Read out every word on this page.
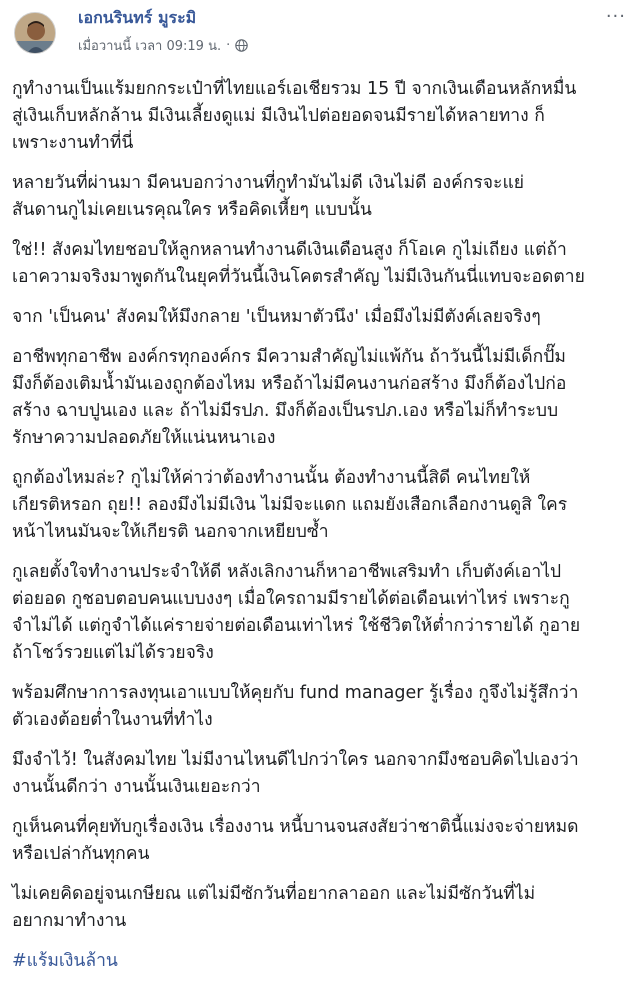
เอกนรินทร์ มูระมิ
เมื่อวานนี้ เวลา 09:19 น. ·
···

กูทำงานเป็นแร้มยกกระเป๋าที่ไทยแอร์เอเชียรวม 15 ปี จากเงินเดือนหลักหมื่น
สู่เงินเก็บหลักล้าน มีเงินเลี้ยงดูแม่ มีเงินไปต่อยอดจนมีรายได้หลายทาง ก็
เพราะงานทำที่นี่

หลายวันที่ผ่านมา มีคนบอกว่างานที่กูทำมันไม่ดี เงินไม่ดี องค์กรจะแย่
สันดานกูไม่เคยเนรคุณใคร หรือคิดเหี้ยๆ แบบนั้น

ใช่!! สังคมไทยชอบให้ลูกหลานทำงานดีเงินเดือนสูง ก็โอเค กูไม่เถียง แต่ถ้า
เอาความจริงมาพูดกันในยุคที่วันนี้เงินโคตรสำคัญ ไม่มีเงินกันนี่แทบจะอดตาย

จาก 'เป็นคน' สังคมให้มึงกลาย 'เป็นหมาตัวนึง' เมื่อมึงไม่มีตังค์เลยจริงๆ

อาชีพทุกอาชีพ องค์กรทุกองค์กร มีความสำคัญไม่แพ้กัน ถ้าวันนี้ไม่มีเด็กปั๊ม
มึงก็ต้องเติมน้ำมันเองถูกต้องไหม หรือถ้าไม่มีคนงานก่อสร้าง มึงก็ต้องไปก่อ
สร้าง ฉาบปูนเอง และ ถ้าไม่มีรปภ. มึงก็ต้องเป็นรปภ.เอง หรือไม่ก็ทำระบบ
รักษาความปลอดภัยให้แน่นหนาเอง

ถูกต้องไหมล่ะ? กูไม่ให้ค่าว่าต้องทำงานนั้น ต้องทำงานนี้สิดี คนไทยให้
เกียรติหรอก ถุย!! ลองมึงไม่มีเงิน ไม่มีจะแดก แถมยังเสือกเลือกงานดูสิ ใคร
หน้าไหนมันจะให้เกียรติ นอกจากเหยียบซ้ำ

กูเลยตั้งใจทำงานประจำให้ดี หลังเลิกงานก็หาอาชีพเสริมทำ เก็บตังค์เอาไป
ต่อยอด กูชอบตอบคนแบบงงๆ เมื่อใครถามมีรายได้ต่อเดือนเท่าไหร่ เพราะกู
จำไม่ได้ แต่กูจำได้แค่รายจ่ายต่อเดือนเท่าไหร่ ใช้ชีวิตให้ต่ำกว่ารายได้ กูอาย
ถ้าโชว์รวยแต่ไม่ได้รวยจริง

พร้อมศึกษาการลงทุนเอาแบบให้คุยกับ fund manager รู้เรื่อง กูจึงไม่รู้สึกว่า
ตัวเองต้อยต่ำในงานที่ทำไง

มึงจำไว้! ในสังคมไทย ไม่มีงานไหนดีไปกว่าใคร นอกจากมึงชอบคิดไปเองว่า
งานนั้นดีกว่า งานนั้นเงินเยอะกว่า

กูเห็นคนที่คุยทับกูเรื่องเงิน เรื่องงาน หนี้บานจนสงสัยว่าชาตินี้แม่งจะจ่ายหมด
หรือเปล่ากันทุกคน

ไม่เคยคิดอยู่จนเกษียณ แต่ไม่มีซักวันที่อยากลาออก และไม่มีซักวันที่ไม่
อยากมาทำงาน

#แร้มเงินล้าน
